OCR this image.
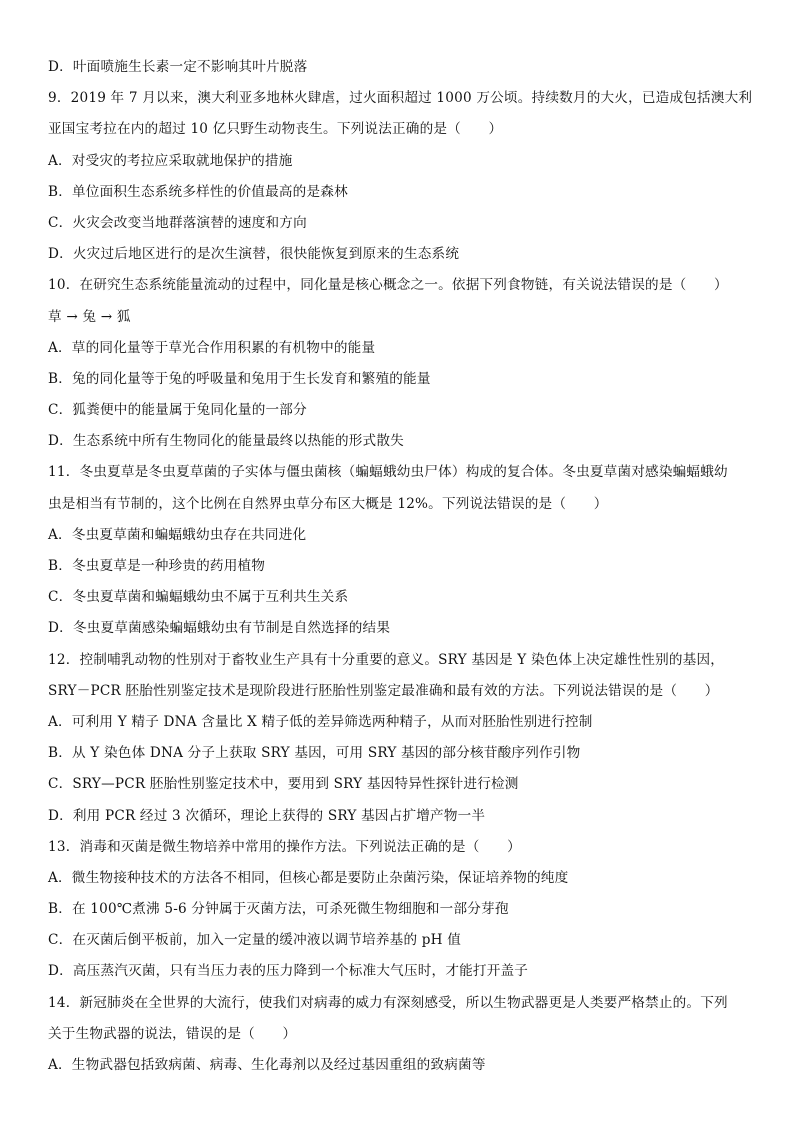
D．叶面喷施生长素一定不影响其叶片脱落
9．2019 年 7 月以来，澳大利亚多地林火肆虐，过火面积超过 1000 万公顷。持续数月的大火，已造成包括澳大利
亚国宝考拉在内的超过 10 亿只野生动物丧生。下列说法正确的是（　　）
A．对受灾的考拉应采取就地保护的措施
B．单位面积生态系统多样性的价值最高的是森林
C．火灾会改变当地群落演替的速度和方向
D．火灾过后地区进行的是次生演替，很快能恢复到原来的生态系统
10．在研究生态系统能量流动的过程中，同化量是核心概念之一。依据下列食物链，有关说法错误的是（　　）
草 → 兔 → 狐
A．草的同化量等于草光合作用积累的有机物中的能量
B．兔的同化量等于兔的呼吸量和兔用于生长发育和繁殖的能量
C．狐粪便中的能量属于兔同化量的一部分
D．生态系统中所有生物同化的能量最终以热能的形式散失
11．冬虫夏草是冬虫夏草菌的子实体与僵虫菌核（蝙蝠蛾幼虫尸体）构成的复合体。冬虫夏草菌对感染蝙蝠蛾幼
虫是相当有节制的，这个比例在自然界虫草分布区大概是 12%。下列说法错误的是（　　）
A．冬虫夏草菌和蝙蝠蛾幼虫存在共同进化
B．冬虫夏草是一种珍贵的药用植物
C．冬虫夏草菌和蝙蝠蛾幼虫不属于互利共生关系
D．冬虫夏草菌感染蝙蝠蛾幼虫有节制是自然选择的结果
12．控制哺乳动物的性别对于畜牧业生产具有十分重要的意义。SRY 基因是 Y 染色体上决定雄性性别的基因，
SRY－PCR 胚胎性别鉴定技术是现阶段进行胚胎性别鉴定最准确和最有效的方法。下列说法错误的是（　　）
A．可利用 Y 精子 DNA 含量比 X 精子低的差异筛选两种精子，从而对胚胎性别进行控制
B．从 Y 染色体 DNA 分子上获取 SRY 基因，可用 SRY 基因的部分核苷酸序列作引物
C．SRY—PCR 胚胎性别鉴定技术中，要用到 SRY 基因特异性探针进行检测
D．利用 PCR 经过 3 次循环，理论上获得的 SRY 基因占扩增产物一半
13．消毒和灭菌是微生物培养中常用的操作方法。下列说法正确的是（　　）
A．微生物接种技术的方法各不相同，但核心都是要防止杂菌污染，保证培养物的纯度
B．在 100℃煮沸 5-6 分钟属于灭菌方法，可杀死微生物细胞和一部分芽孢
C．在灭菌后倒平板前，加入一定量的缓冲液以调节培养基的 pH 值
D．高压蒸汽灭菌，只有当压力表的压力降到一个标准大气压时，才能打开盖子
14．新冠肺炎在全世界的大流行，使我们对病毒的威力有深刻感受，所以生物武器更是人类要严格禁止的。下列
关于生物武器的说法，错误的是（　　）
A．生物武器包括致病菌、病毒、生化毒剂以及经过基因重组的致病菌等
